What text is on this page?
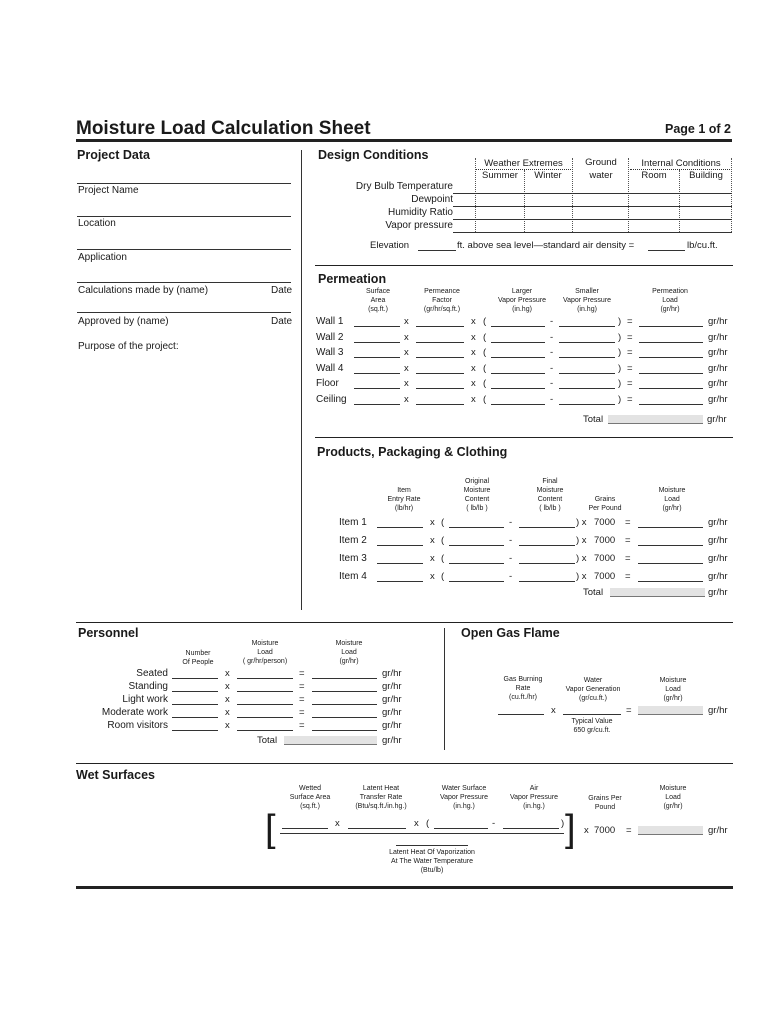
Moisture Load Calculation Sheet	Page 1 of 2
Project Data
Project Name
Location
Application
Calculations made by (name)	Date
Approved by (name)	Date
Purpose of the project:
Design Conditions
Weather Extremes
Summer	Winter
Ground
water
Internal Conditions
Room	Building
Dry Bulb Temperature
Dewpoint
Humidity Ratio
Vapor pressure
Elevation	ft. above sea level—standard air density =	lb/cu.ft.
Permeation
Surface
Area
(sq.ft.)
Permeance
Factor
(gr/hr/sq.ft.)
Larger
Vapor Pressure
(in.hg)
Smaller
Vapor Pressure
(in.hg)
Permeation
Load
(gr/hr)
Wall 1	x	x (	-	) =	gr/hr
Wall 2	x	x (	-	) =	gr/hr
Wall 3	x	x (	-	) =	gr/hr
Wall 4	x	x (	-	) =	gr/hr
Floor	x	x (	-	) =	gr/hr
Ceiling	x	x (	-	) =	gr/hr
Total	gr/hr
Products, Packaging & Clothing
Item
Entry Rate
(lb/hr)
Original
Moisture
Content
( lb/lb )
Final
Moisture
Content
( lb/lb )
Grains
Per Pound
Moisture
Load
(gr/hr)
Item 1	x (	-	) x 7000 =	gr/hr
Item 2	x (	-	) x 7000 =	gr/hr
Item 3	x (	-	) x 7000 =	gr/hr
Item 4	x (	-	) x 7000 =	gr/hr
Total	gr/hr
Personnel
Number
Of People
Moisture
Load
( gr/hr/person)
Moisture
Load
(gr/hr)
Seated	x	=	gr/hr
Standing	x	=	gr/hr
Light work	x	=	gr/hr
Moderate work	x	=	gr/hr
Room visitors	x	=	gr/hr
Total	gr/hr
Open Gas Flame
Gas Burning
Rate
(cu.ft./hr)
Water
Vapor Generation
(gr/cu.ft.)
Moisture
Load
(gr/hr)
x	=	gr/hr
Typical Value
650 gr/cu.ft.
Wet Surfaces
Wetted
Surface Area
(sq.ft.)
Latent Heat
Transfer Rate
(Btu/sq.ft./in.hg.)
Water Surface
Vapor Pressure
(in.hg.)
Air
Vapor Pressure
(in.hg.)
Grains Per
Pound
Moisture
Load
(gr/hr)
[	]
x	x (	-	)
Latent Heat Of Vaporization
At The Water Temperature
(Btu/lb)
x 7000 =	gr/hr
